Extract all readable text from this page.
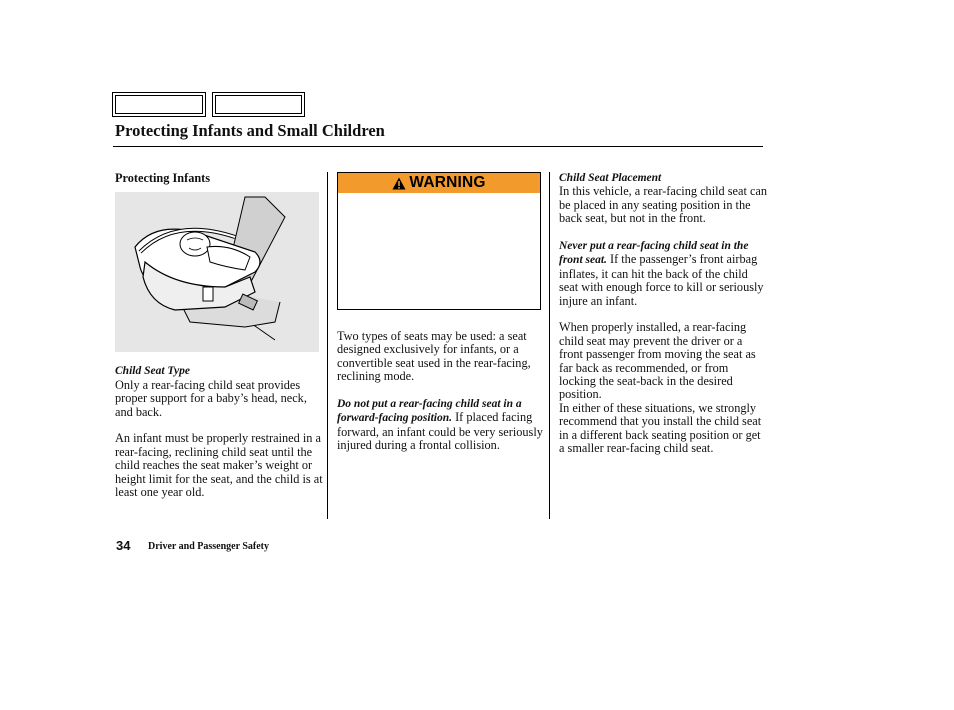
Protecting Infants and Small Children
Protecting Infants
Child Seat Type

Only a rear-facing child seat provides proper support for a baby’s head, neck, and back.

An infant must be properly restrained in a rear-facing, reclining child seat until the child reaches the seat maker’s weight or height limit for the seat, and the child is at least one year old.

WARNING

Two types of seats may be used: a seat designed exclusively for infants, or a convertible seat used in the rear-facing, reclining mode.

Do not put a rear-facing child seat in a forward-facing position. If placed facing forward, an infant could be very seriously injured during a frontal collision.

Child Seat Placement

In this vehicle, a rear-facing child seat can be placed in any seating position in the back seat, but not in the front.

Never put a rear-facing child seat in the front seat. If the passenger’s front airbag inflates, it can hit the back of the child seat with enough force to kill or seriously injure an infant.

When properly installed, a rear-facing child seat may prevent the driver or a front passenger from moving the seat as far back as recommended, or from locking the seat-back in the desired position.

In either of these situations, we strongly recommend that you install the child seat in a different back seating position or get a smaller rear-facing child seat.

34 Driver and Passenger Safety
